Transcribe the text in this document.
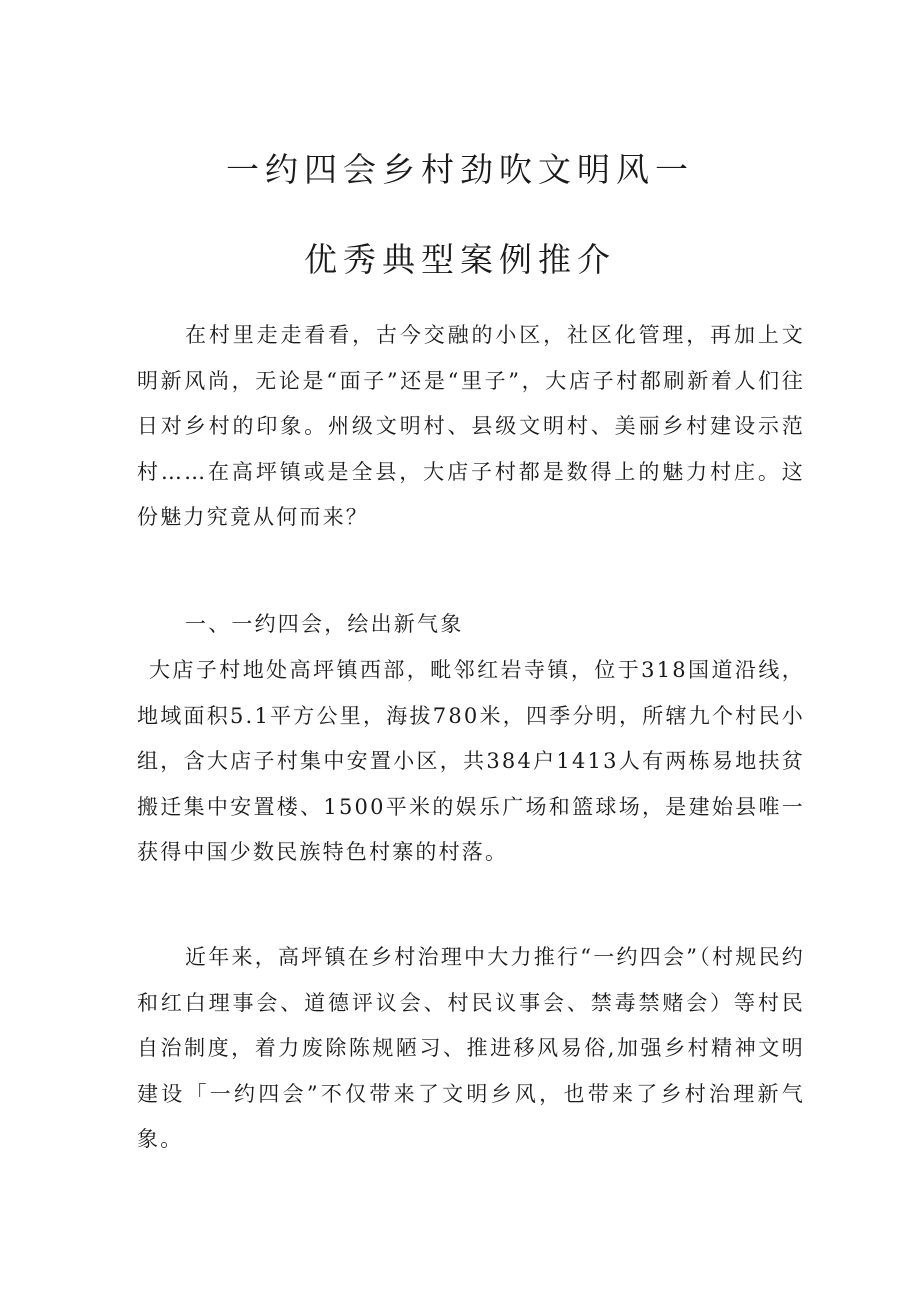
一约四会乡村劲吹文明风一
优秀典型案例推介

在村里走走看看，古今交融的小区，社区化管理，再加上文明新风尚，无论是“面子”还是“里子”，大店子村都刷新着人们往日对乡村的印象。州级文明村、县级文明村、美丽乡村建设示范村……在高坪镇或是全县，大店子村都是数得上的魅力村庄。这份魅力究竟从何而来？

一、一约四会，绘出新气象

大店子村地处高坪镇西部，毗邻红岩寺镇，位于318国道沿线，地域面积5.1平方公里，海拔780米，四季分明，所辖九个村民小组，含大店子村集中安置小区，共384户1413人有两栋易地扶贫搬迁集中安置楼、1500平米的娱乐广场和篮球场，是建始县唯一获得中国少数民族特色村寨的村落。

近年来，高坪镇在乡村治理中大力推行“一约四会”（村规民约和红白理事会、道德评议会、村民议事会、禁毒禁赌会）等村民自治制度，着力废除陈规陋习、推进移风易俗,加强乡村精神文明建设「一约四会”不仅带来了文明乡风，也带来了乡村治理新气象。
